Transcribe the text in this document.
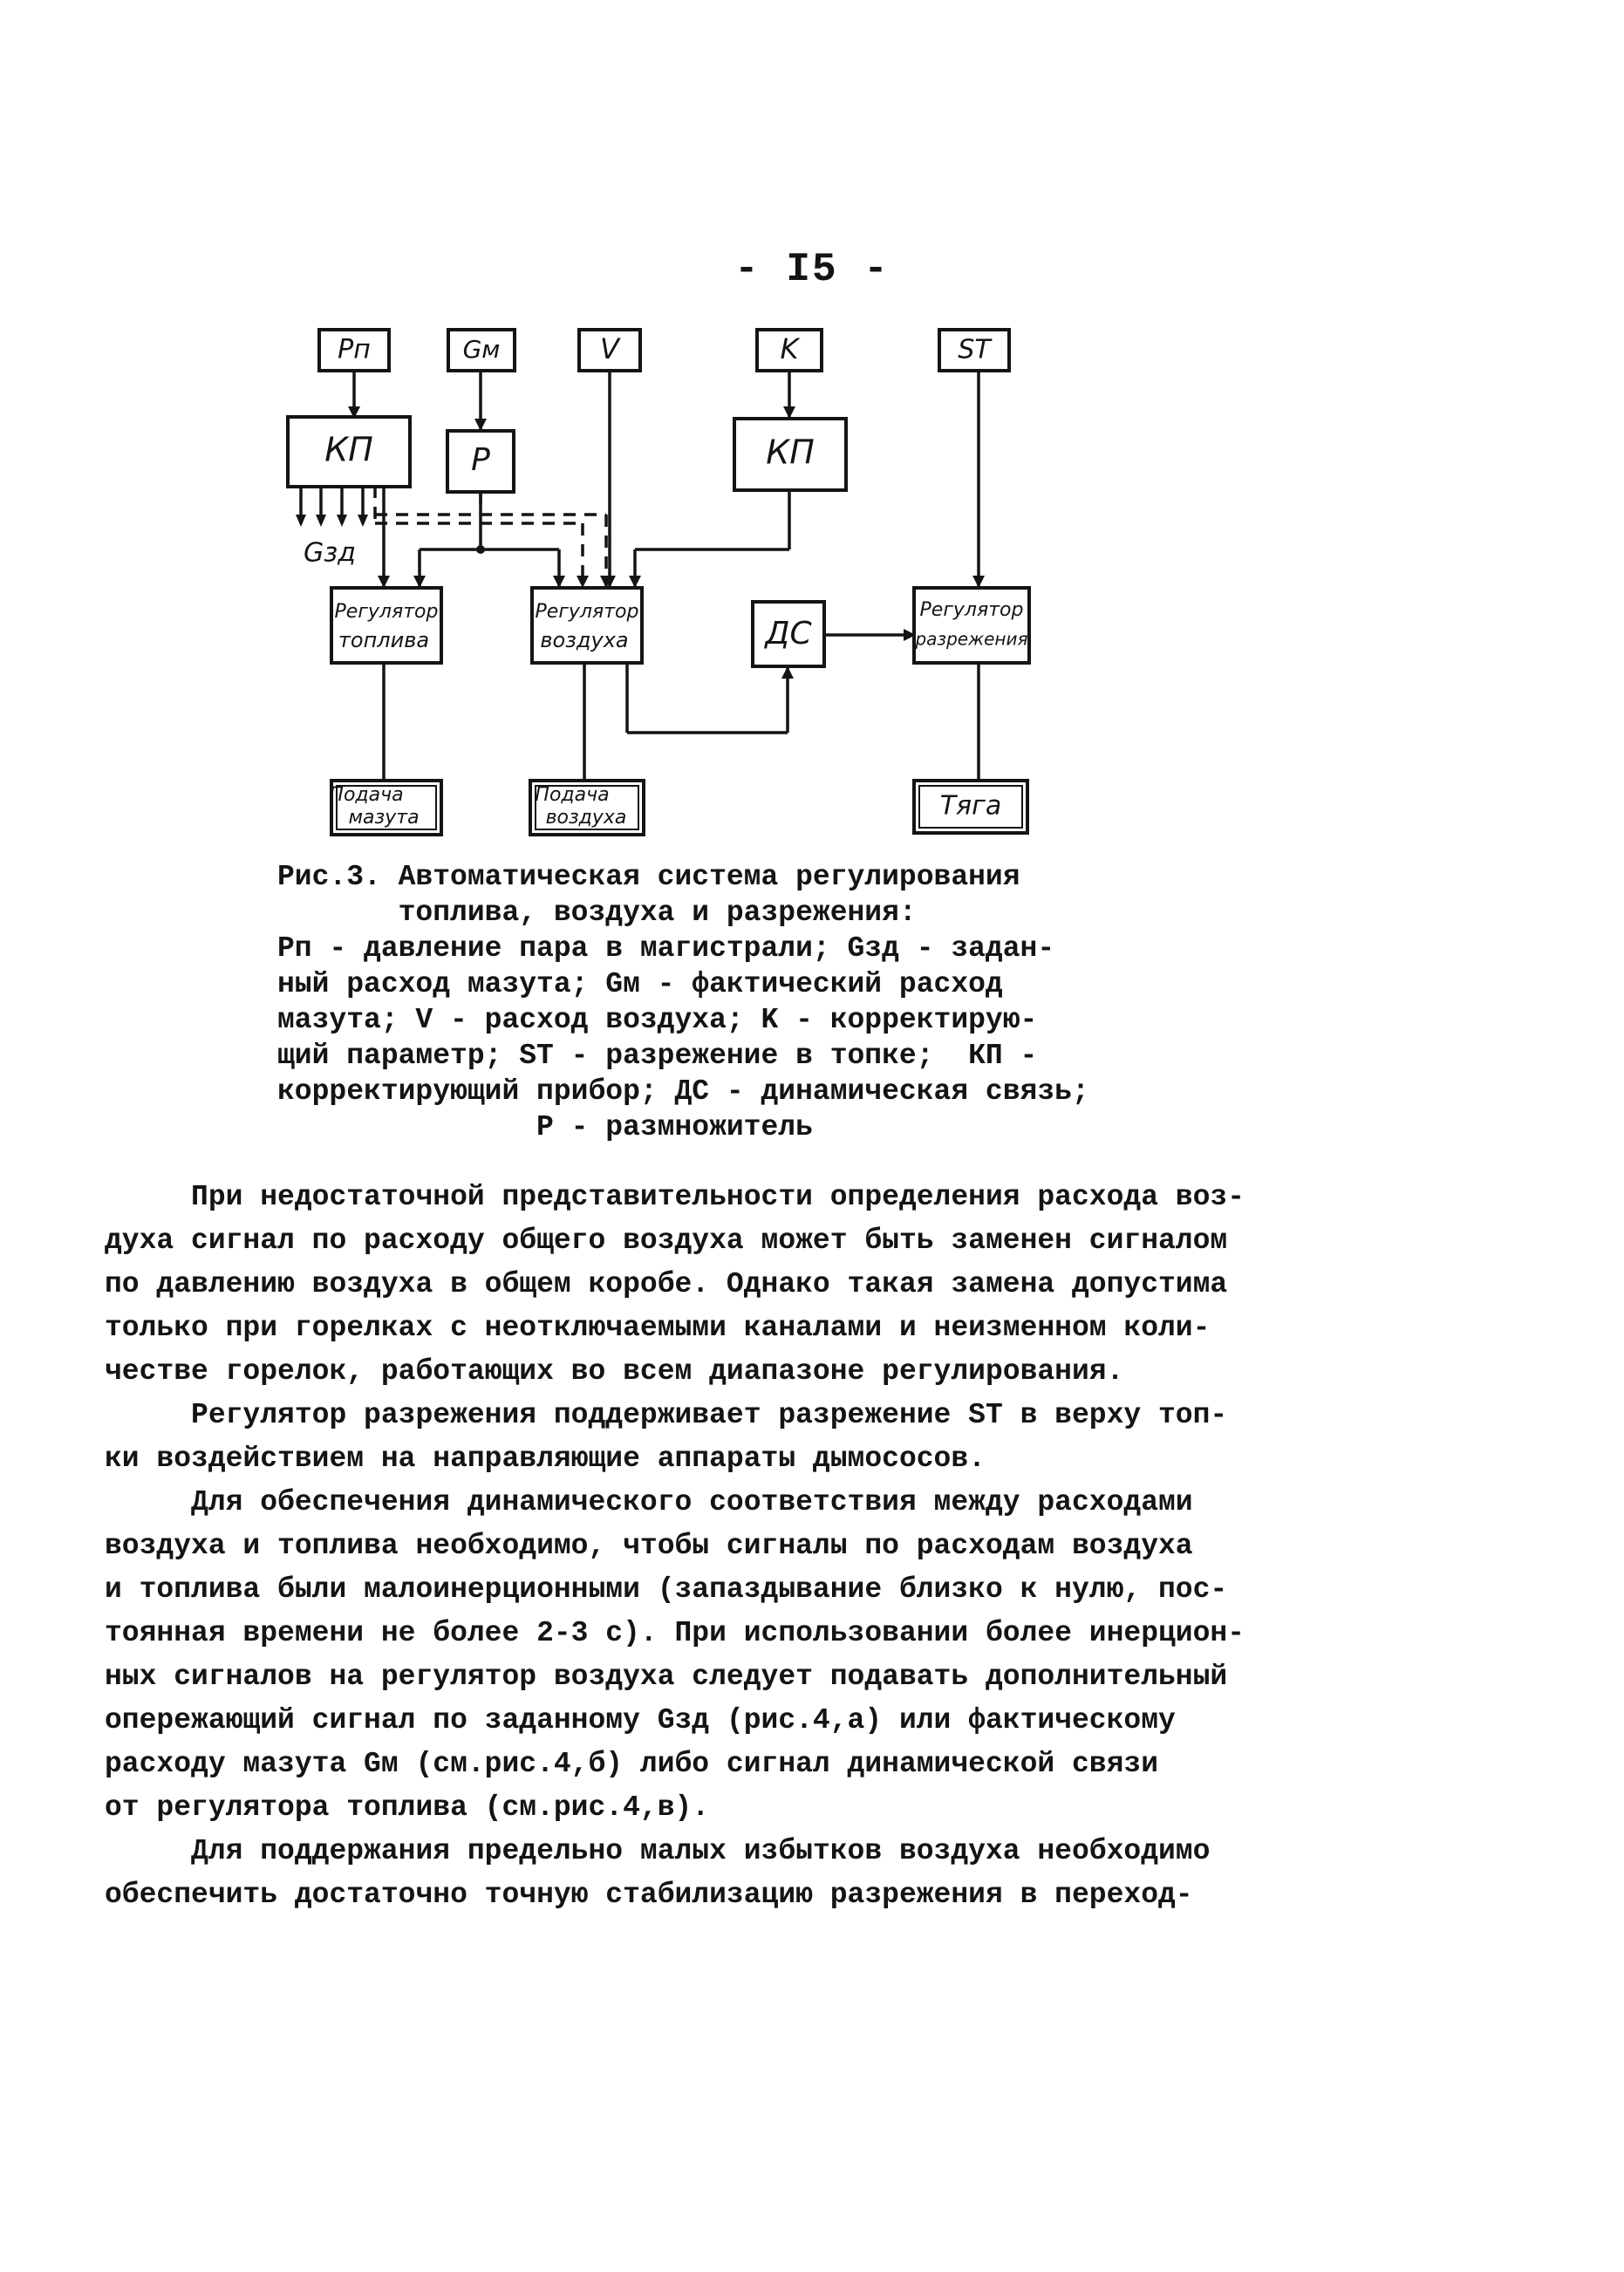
- I5 -
Pп	Gм	V	K	ST
КП	Р	КП
Gзд
Регулятор
топлива
Регулятор
воздуха	ДС
Регулятор
разрежения
Подача
мазута
Подача
воздуха	Тяга
Рис.3. Автоматическая система регулирования
топлива, воздуха и разрежения:
Pп - давление пара в магистрали; Gзд - задан-
ный расход мазута; Gм - фактический расход
мазута; V - расход воздуха; K - корректирую-
щий параметр; ST - разрежение в топке;  КП -
корректирующий прибор; ДС - динамическая связь;
Р - размножитель
При недостаточной представительности определения расхода воз-
духа сигнал по расходу общего воздуха может быть заменен сигналом
по давлению воздуха в общем коробе. Однако такая замена допустима
только при горелках с неотключаемыми каналами и неизменном коли-
честве горелок, работающих во всем диапазоне регулирования.
Регулятор разрежения поддерживает разрежение ST в верху топ-
ки воздействием на направляющие аппараты дымососов.
Для обеспечения динамического соответствия между расходами
воздуха и топлива необходимо, чтобы сигналы по расходам воздуха
и топлива были малоинерционными (запаздывание близко к нулю, пос-
тоянная времени не более 2-3 с). При использовании более инерцион-
ных сигналов на регулятор воздуха следует подавать дополнительный
опережающий сигнал по заданному Gзд (рис.4,а) или фактическому
расходу мазута Gм (см.рис.4,б) либо сигнал динамической связи
от регулятора топлива (см.рис.4,в).
Для поддержания предельно малых избытков воздуха необходимо
обеспечить достаточно точную стабилизацию разрежения в переход-
